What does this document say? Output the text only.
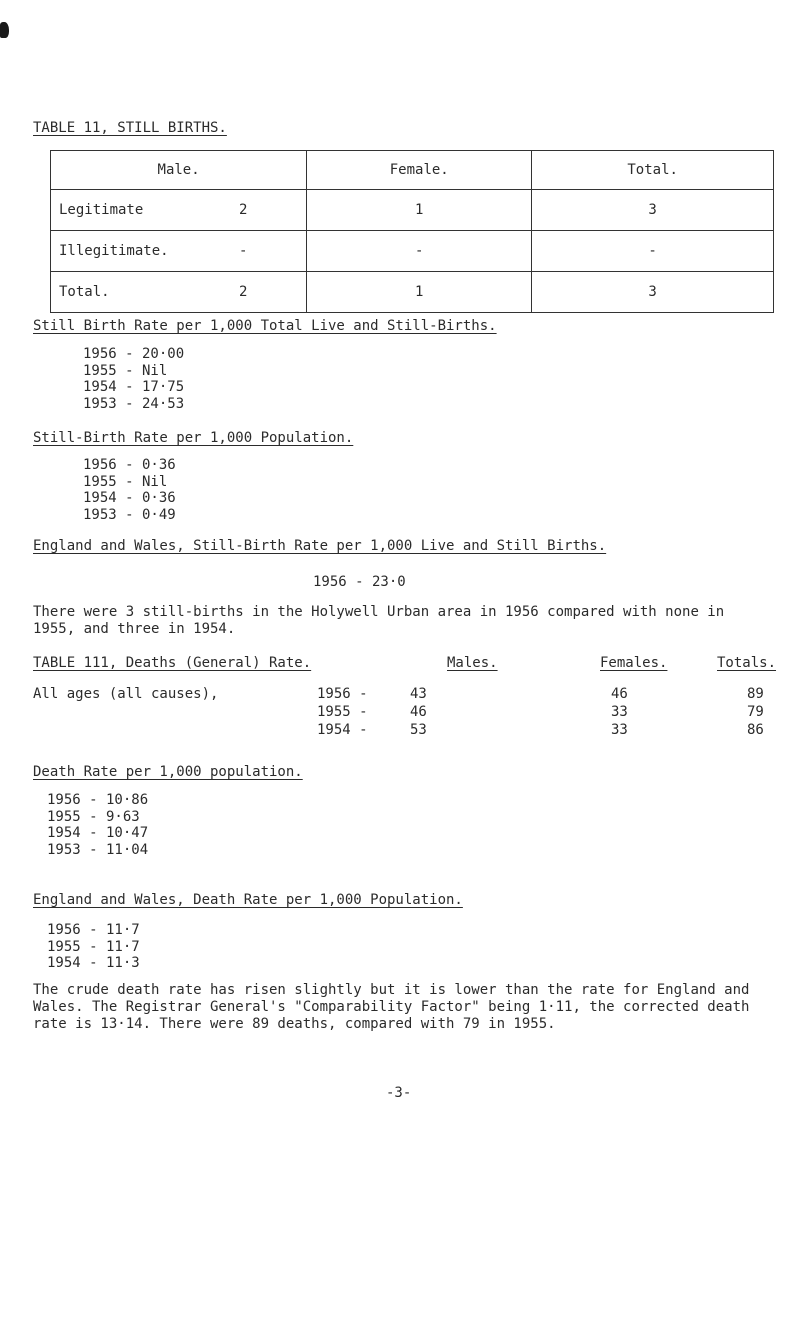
TABLE 11, STILL BIRTHS.
Male.	Female.	Total.
Legitimate 2	1	3
Illegitimate. -	-	-
Total. 2	1	3
Still Birth Rate per 1,000 Total Live and Still-Births.
1956 - 20·00
1955 - Nil
1954 - 17·75
1953 - 24·53
Still-Birth Rate per 1,000 Population.
1956 - 0·36
1955 - Nil
1954 - 0·36
1953 - 0·49
England and Wales, Still-Birth Rate per 1,000 Live and Still Births.
1956 - 23·0
There were 3 still-births in the Holywell Urban area in 1956 compared with none in 1955, and three in 1954.
TABLE 111, Deaths (General) Rate.	Males.	Females.	Totals.
All ages (all causes),	1956 -	43	46	89
1955 -	46	33	79
1954 -	53	33	86
Death Rate per 1,000 population.
1956 - 10·86
1955 - 9·63
1954 - 10·47
1953 - 11·04
England and Wales, Death Rate per 1,000 Population.
1956 - 11·7
1955 - 11·7
1954 - 11·3
The crude death rate has risen slightly but it is lower than the rate for England and Wales. The Registrar General's "Comparability Factor" being 1·11, the corrected death rate is 13·14. There were 89 deaths, compared with 79 in 1955.
-3-
